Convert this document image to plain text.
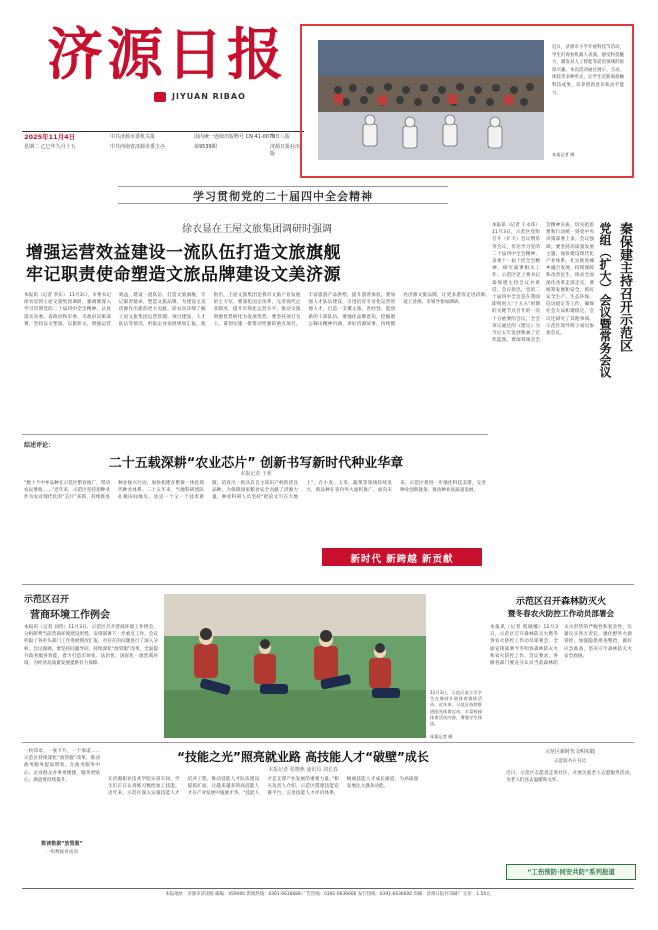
济源日报
JIYUAN RIBAO
2025年11月4日
星期二 乙巳年九月十五
中共济源市委机关报
中共河南省济源市委主办
国内统一连续出版物号 CN 41-0070
第9539期
今日八版
济源日报社出版
近日，济源市小学开展科技节活动，学生们观看机器人表演，感受科技魅力，激发对人工智能等前沿领域的浓厚兴趣。本次活动通过展示、互动、体验等多种形式，让学生近距离接触科技成果，培养创新意识和动手能力。
本报记者 摄
学习贯彻党的二十届四中全会精神
徐衣显在王屋文旅集团调研时强调
增强运营效益建设一流队伍打造文旅旗舰
牢记职责使命塑造文旅品牌建设文美济源
本报讯（记者 李东） 11月3日，市委书记徐衣显到王屋文旅集团调研，强调要深入学习贯彻党的二十届四中全会精神，认真落实省委、省政府和市委、市政府决策部署，坚持以文塑旅、以旅彰文，增强运营效益，建设一流队伍，打造文旅旗舰，牢记职责使命，塑造文旅品牌，为建设文美济源作出新的更大贡献。徐衣显详细了解王屋文旅集团运营管理、项目建设、人才队伍等情况，听取企业发展规划汇报。他指出，王屋文旅集团是我市文旅产业发展的主力军，要深化国企改革，完善现代企业制度，提升市场化运营水平，推动文旅资源优势转化为发展优势。要坚持项目为王，谋划实施一批带动性强的重点项目，丰富旅游产品供给，提升游客体验。要加强人才队伍建设，引进培育专业化运营管理人才，打造一支懂文旅、善经营、能创新的干部队伍。要强化品牌意识，挖掘愚公移山精神内涵，讲好济源故事，持续擦亮济源文旅品牌，让更多游客走进济源、爱上济源。市领导参加调研。
本报讯（记者 王永伟）11月3日，示范区党组召开（扩大）会议暨常务会议，传达学习党的二十届四中全会精神、省委十一届十次全会精神，研究部署相关工作。示范区党工委书记秦保建主持会议并讲话。会议指出，党的二十届四中全会是在我国即将进入“十五五”时期的关键节点召开的一次十分重要的会议，全会审议通过的《建议》为今后五年发展擘画了宏伟蓝图。要深刻领会全会精神实质，切实把思想和行动统一到党中央决策部署上来。会议强调，要坚持高质量发展主题，加快建设现代化产业体系，扎实推进城乡融合发展，持续保障和改善民生，推动全面深化改革走深走实。要统筹发展和安全，抓好安全生产、生态环保、信访稳定等工作，确保社会大局和谐稳定。会议还研究了其他事项。示范区领导班子成员参加会议。	党组（扩大）会议暨常务会议 秦保建主持召开示范区
综述评论：
二十五载深耕“农业芯片” 创新书写新时代种业华章
本报记者 王莉
“数十个中牟品种在示范区繁育推广，带动农民增收……”近年来，示范区坚持把种业作为农业现代化的“芯片”来抓，持续推进种业振兴行动，加快构建育繁推一体化现代种业体系。二十五年来，当地科研团队扎根田间地头，攻克一个又一个技术难题，培育出一批具有自主知识产权的优良品种，为保障国家粮食安全贡献了济源力量。种业科研人员坚持“把论文写在大地上”，在小麦、玉米、蔬菜等领域持续发力，新品种在省内外大面积推广。面向未来，示范区将进一步强化科技支撑，完善种业创新链条，推动种业高质量发展。
新时代 新跨越 新贡献
示范区召开
营商环境工作例会
本报讯（记者 刘伟）11月3日，示范区召开营商环境工作例会，分析研判当前营商环境建设形势，安排部署下一步重点工作。会议听取了各牵头部门工作进展情况汇报，对存在的问题进行了深入分析。会议强调，要坚持问题导向，持续深化“放管服”改革，全面提升政务服务效能，着力打造市场化、法治化、国际化一流营商环境，为经济高质量发展提供有力保障。
11月3日，示范区某小学学生在课间开展体育锻炼活动。近年来，示范区持续推进阳光体育运动，丰富校园体育活动内容，增强学生体质。
本报记者 摄
示范区召开森林防灭火
暨冬春农火防控工作动员部署会
本报讯（记者 程晓娜）11月3日，示范区召开森林防灭火暨冬春农火防控工作动员部署会，全面安排部署今冬明春森林防灭火和农火防控工作。会议要求，各级各部门要充分认识当前森林防灭火形势的严峻性和复杂性，压紧压实各方责任，强化野外火源管控，加强隐患排查整治，做好应急准备，坚决守牢森林防灭火安全底线。
一枚印章、一张卡片、一个承诺……示范区持续深化“放管服”改革，推动政务服务提质增效。在政务服务中心，企业群众办事更便捷，服务更贴心，满意度持续提升。
数读数据“放管服”
一组数据看成效
“技能之光”照亮就业路 高技能人才“破壁”成长
本报记者 张晓燕 通讯员 刘长春
在济源职业技术学院实训车间，学生们正在认真练习数控加工技能。近年来，示范区深入实施技能人才培养工程，推动技能人才队伍建设提质扩面，让越来越多的高技能人才在产业发展中施展才华。“技能人才是支撑产业发展的重要力量。”相关负责人介绍，示范区搭建技能竞赛平台，完善技能人才评价体系，畅通技能人才成长通道，为高质量发展注入强劲动能。
示范区新时代文明实践
志愿服务在身边
近日，示范区志愿者走进社区，开展关爱老人志愿服务活动，为老人们送去温暖和关怀。
“工伤预防·同安共防”系列报道
本报地址：济源市济渎路 邮编：459000 新闻热线：0391-6636688 广告热线：0391-6636666 发行热线：0391-6636600 印刷：济源日报社印刷厂 定价：1.50元
